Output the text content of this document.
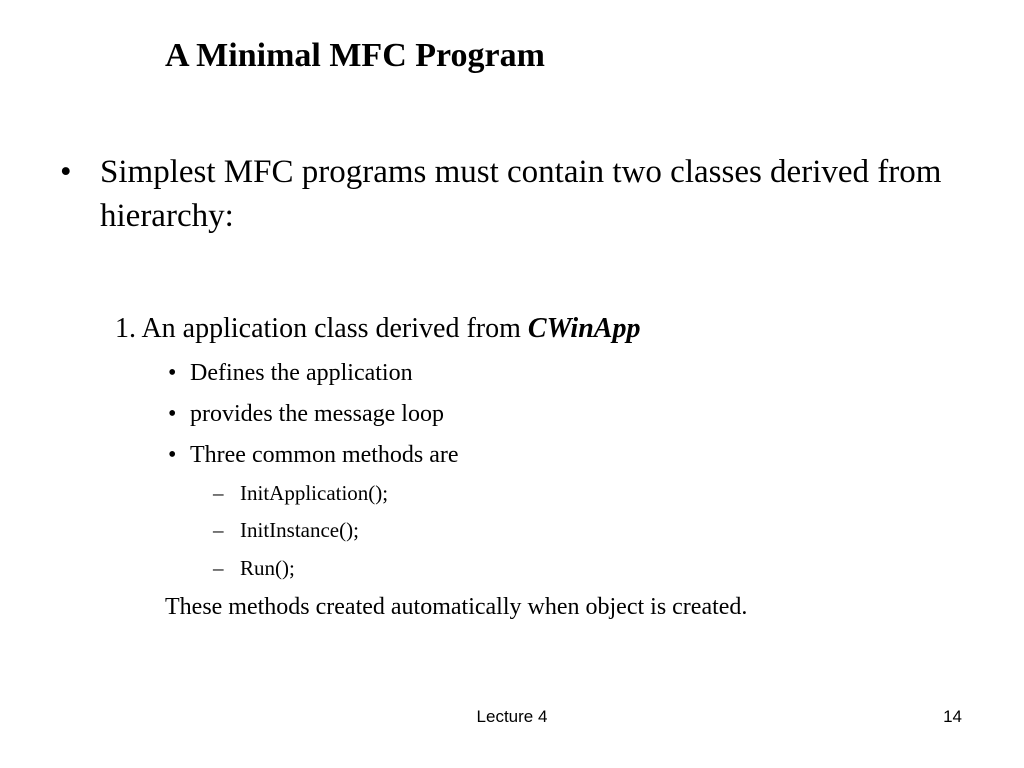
A Minimal MFC Program
• Simplest MFC programs must contain two classes derived from hierarchy:
1. An application class derived from CWinApp
• Defines the application
• provides the message loop
• Three common methods are
– InitApplication();
– InitInstance();
– Run();
These methods created automatically when object is created.
Lecture 4	14
